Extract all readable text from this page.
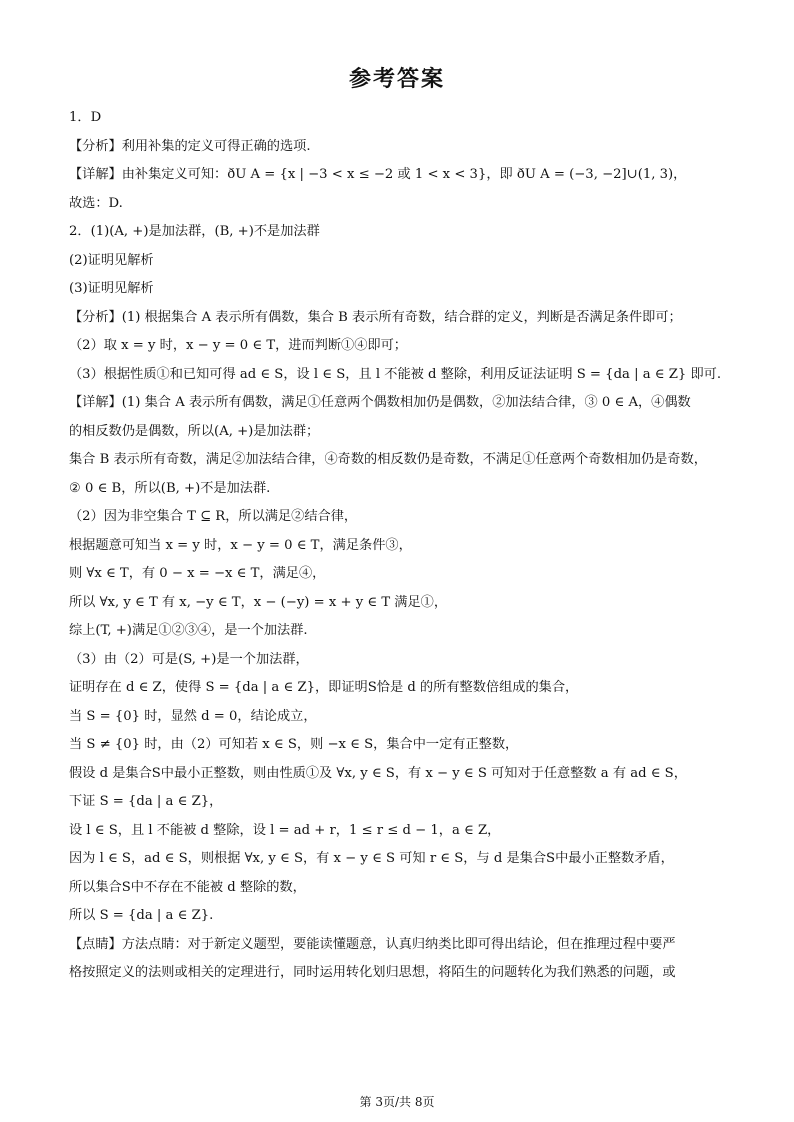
参考答案
1．D
【分析】利用补集的定义可得正确的选项.
【详解】由补集定义可知：ðU A = {x | −3 < x ≤ −2 或 1 < x < 3}，即 ðU A = (−3, −2]∪(1, 3)，
故选：D.
2．(1)(A, +)是加法群，(B, +)不是加法群
(2)证明见解析
(3)证明见解析
【分析】(1) 根据集合 A 表示所有偶数，集合 B 表示所有奇数，结合群的定义，判断是否满足条件即可；
（2）取 x = y 时，x − y = 0 ∈ T，进而判断①④即可；
（3）根据性质①和已知可得 ad ∈ S，设 l ∈ S，且 l 不能被 d 整除，利用反证法证明 S = {da | a ∈ Z} 即可.
【详解】(1) 集合 A 表示所有偶数，满足①任意两个偶数相加仍是偶数，②加法结合律，③ 0 ∈ A，④偶数
的相反数仍是偶数，所以(A, +)是加法群；
集合 B 表示所有奇数，满足②加法结合律，④奇数的相反数仍是奇数，不满足①任意两个奇数相加仍是奇数，
② 0 ∈ B，所以(B, +)不是加法群.
（2）因为非空集合 T ⊆ R，所以满足②结合律，
根据题意可知当 x = y 时，x − y = 0 ∈ T，满足条件③，
则 ∀x ∈ T，有 0 − x = −x ∈ T，满足④，
所以 ∀x, y ∈ T 有 x, −y ∈ T，x − (−y) = x + y ∈ T 满足①，
综上(T, +)满足①②③④，是一个加法群.
（3）由（2）可是(S, +)是一个加法群，
证明存在 d ∈ Z，使得 S = {da | a ∈ Z}，即证明S恰是 d 的所有整数倍组成的集合，
当 S = {0} 时，显然 d = 0，结论成立，
当 S ≠ {0} 时，由（2）可知若 x ∈ S，则 −x ∈ S，集合中一定有正整数，
假设 d 是集合S中最小正整数，则由性质①及 ∀x, y ∈ S，有 x − y ∈ S 可知对于任意整数 a 有 ad ∈ S，
下证 S = {da | a ∈ Z}，
设 l ∈ S，且 l 不能被 d 整除，设 l = ad + r，1 ≤ r ≤ d − 1，a ∈ Z，
因为 l ∈ S，ad ∈ S，则根据 ∀x, y ∈ S，有 x − y ∈ S 可知 r ∈ S，与 d 是集合S中最小正整数矛盾，
所以集合S中不存在不能被 d 整除的数，
所以 S = {da | a ∈ Z}.
【点睛】方法点睛：对于新定义题型，要能读懂题意，认真归纳类比即可得出结论，但在推理过程中要严
格按照定义的法则或相关的定理进行，同时运用转化划归思想，将陌生的问题转化为我们熟悉的问题，或
第 3页/共 8页
